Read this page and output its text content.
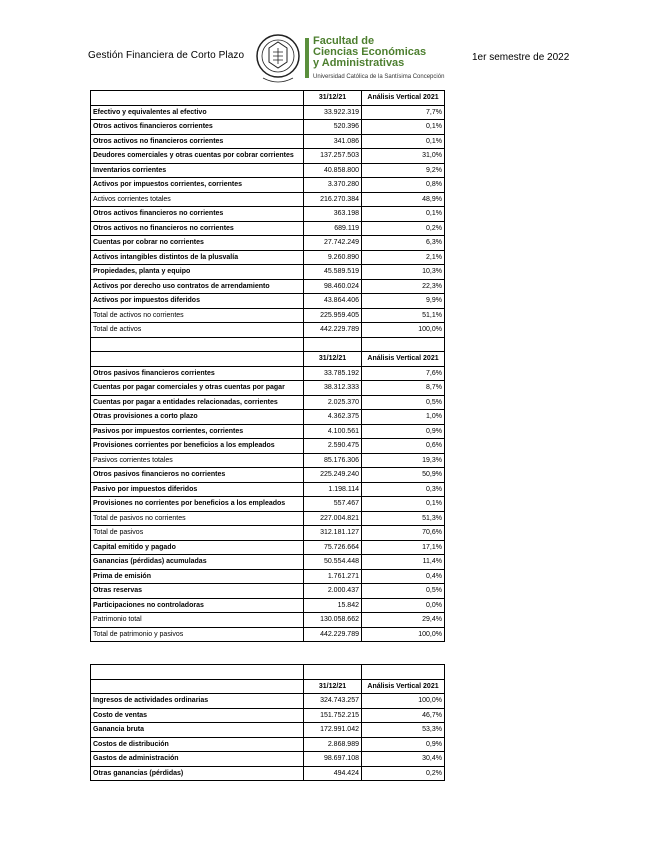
Gestión Financiera de Corto Plazo
Facultad de
Ciencias Económicas
y Administrativas
Universidad Católica de la Santísima Concepción
1er semestre de 2022
	31/12/21	Análisis Vertical 2021
Efectivo y equivalentes al efectivo	33.922.319	7,7%
Otros activos financieros corrientes	520.396	0,1%
Otros activos no financieros corrientes	341.086	0,1%
Deudores comerciales y otras cuentas por cobrar corrientes	137.257.503	31,0%
Inventarios corrientes	40.858.800	9,2%
Activos por impuestos corrientes, corrientes	3.370.280	0,8%
Activos corrientes totales	216.270.384	48,9%
Otros activos financieros no corrientes	363.198	0,1%
Otros activos no financieros no corrientes	689.119	0,2%
Cuentas por cobrar no corrientes	27.742.249	6,3%
Activos intangibles distintos de la plusvalía	9.260.890	2,1%
Propiedades, planta y equipo	45.589.519	10,3%
Activos por derecho uso contratos de arrendamiento	98.460.024	22,3%
Activos por impuestos diferidos	43.864.406	9,9%
Total de activos no corrientes	225.959.405	51,1%
Total de activos	442.229.789	100,0%

	31/12/21	Análisis Vertical 2021
Otros pasivos financieros corrientes	33.785.192	7,6%
Cuentas por pagar comerciales y otras cuentas por pagar	38.312.333	8,7%
Cuentas por pagar a entidades relacionadas, corrientes	2.025.370	0,5%
Otras provisiones a corto plazo	4.362.375	1,0%
Pasivos por impuestos corrientes, corrientes	4.100.561	0,9%
Provisiones corrientes por beneficios a los empleados	2.590.475	0,6%
Pasivos corrientes totales	85.176.306	19,3%
Otros pasivos financieros no corrientes	225.249.240	50,9%
Pasivo por impuestos diferidos	1.198.114	0,3%
Provisiones no corrientes por beneficios a los empleados	557.467	0,1%
Total de pasivos no corrientes	227.004.821	51,3%
Total de pasivos	312.181.127	70,6%
Capital emitido y pagado	75.726.664	17,1%
Ganancias (pérdidas) acumuladas	50.554.448	11,4%
Prima de emisión	1.761.271	0,4%
Otras reservas	2.000.437	0,5%
Participaciones no controladoras	15.842	0,0%
Patrimonio total	130.058.662	29,4%
Total de patrimonio y pasivos	442.229.789	100,0%

	31/12/21	Análisis Vertical 2021
Ingresos de actividades ordinarias	324.743.257	100,0%
Costo de ventas	151.752.215	46,7%
Ganancia bruta	172.991.042	53,3%
Costos de distribución	2.868.989	0,9%
Gastos de administración	98.697.108	30,4%
Otras ganancias (pérdidas)	494.424	0,2%
